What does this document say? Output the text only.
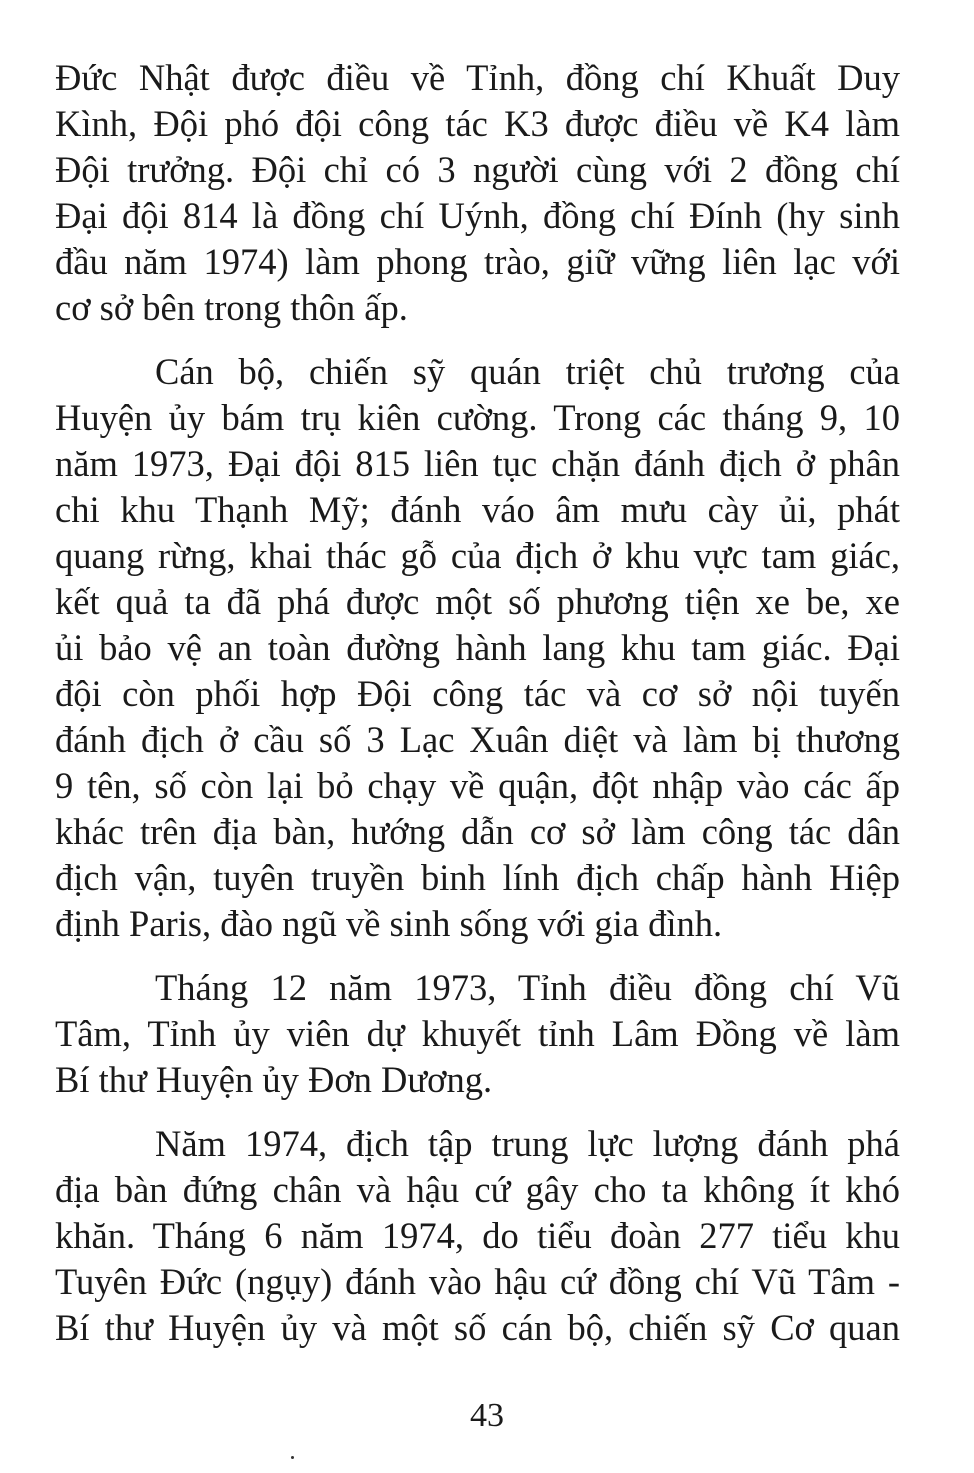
Đức Nhật được điều về Tỉnh, đồng chí Khuất Duy
Kình, Đội phó đội công tác K3 được điều về K4 làm
Đội trưởng. Đội chỉ có 3 người cùng với 2 đồng chí
Đại đội 814 là đồng chí Uýnh, đồng chí Đính (hy sinh
đầu năm 1974) làm phong trào, giữ vững liên lạc với
cơ sở bên trong thôn ấp.
Cán bộ, chiến sỹ quán triệt chủ trương của
Huyện ủy bám trụ kiên cường. Trong các tháng 9, 10
năm 1973, Đại đội 815 liên tục chặn đánh địch ở phân
chi khu Thạnh Mỹ; đánh váo âm mưu cày ủi, phát
quang rừng, khai thác gỗ của địch ở khu vực tam giác,
kết quả ta đã phá được một số phương tiện xe be, xe
ủi bảo vệ an toàn đường hành lang khu tam giác. Đại
đội còn phối hợp Đội công tác và cơ sở nội tuyến
đánh địch ở cầu số 3 Lạc Xuân diệt và làm bị thương
9 tên, số còn lại bỏ chạy về quận, đột nhập vào các ấp
khác trên địa bàn, hướng dẫn cơ sở làm công tác dân
địch vận, tuyên truyền binh lính địch chấp hành Hiệp
định Paris, đào ngũ về sinh sống với gia đình.
Tháng 12 năm 1973, Tỉnh điều đồng chí Vũ
Tâm, Tỉnh ủy viên dự khuyết tỉnh Lâm Đồng về làm
Bí thư Huyện ủy Đơn Dương.
Năm 1974, địch tập trung lực lượng đánh phá
địa bàn đứng chân và hậu cứ gây cho ta không ít khó
khăn. Tháng 6 năm 1974, do tiểu đoàn 277 tiểu khu
Tuyên Đức (ngụy) đánh vào hậu cứ đồng chí Vũ Tâm -
Bí thư Huyện ủy và một số cán bộ, chiến sỹ Cơ quan
43
